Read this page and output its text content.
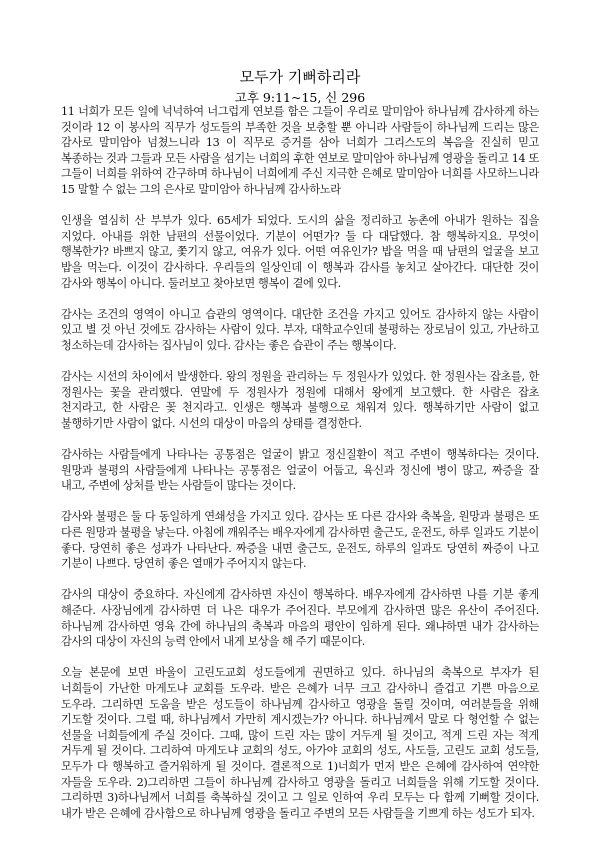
모두가 기뻐하리라
고후 9:11~15, 신 296

11 너희가 모든 일에 넉넉하여 너그럽게 연보를 함은 그들이 우리로 말미암아 하나님께 감사하게 하는 것이라 12 이 봉사의 직무가 성도들의 부족한 것을 보충할 뿐 아니라 사람들이 하나님께 드리는 많은 감사로 말미암아 넘쳤느니라 13 이 직무로 증거를 삼아 너희가 그리스도의 복음을 진실히 믿고 복종하는 것과 그들과 모든 사람을 섬기는 너희의 후한 연보로 말미암아 하나님께 영광을 돌리고 14 또 그들이 너희를 위하여 간구하며 하나님이 너희에게 주신 지극한 은혜로 말미암아 너희를 사모하느니라 15 말할 수 없는 그의 은사로 말미암아 하나님께 감사하노라

인생을 열심히 산 부부가 있다. 65세가 되었다. 도시의 삶을 정리하고 농촌에 아내가 원하는 집을 지었다. 아내를 위한 남편의 선물이었다. 기분이 어떤가? 둘 다 대답했다. 참 행복하지요. 무엇이 행복한가? 바쁘지 않고, 쫓기지 않고, 여유가 있다. 어떤 여유인가? 밥을 먹을 때 남편의 얼굴을 보고 밥을 먹는다. 이것이 감사하다. 우리들의 일상인데 이 행복과 감사를 놓치고 살아간다. 대단한 것이 감사와 행복이 아니다. 둘러보고 찾아보면 행복이 곁에 있다.

감사는 조건의 영역이 아니고 습관의 영역이다. 대단한 조건을 가지고 있어도 감사하지 않는 사람이 있고 별 것 아닌 것에도 감사하는 사람이 있다. 부자, 대학교수인데 불평하는 장로님이 있고, 가난하고 청소하는데 감사하는 집사님이 있다. 감사는 좋은 습관이 주는 행복이다.

감사는 시선의 차이에서 발생한다. 왕의 정원을 관리하는 두 정원사가 있었다. 한 정원사는 잡초를, 한 정원사는 꽃을 관리했다. 연말에 두 정원사가 정원에 대해서 왕에게 보고했다. 한 사람은 잡초 천지라고, 한 사람은 꽃 천지라고. 인생은 행복과 불행으로 채워져 있다. 행복하기만 사람이 없고 불행하기만 사람이 없다. 시선의 대상이 마음의 상태를 결정한다.

감사하는 사람들에게 나타나는 공통점은 얼굴이 밝고 정신질환이 적고 주변이 행복하다는 것이다. 원망과 불평의 사람들에게 나타나는 공통점은 얼굴이 어둡고, 육신과 정신에 병이 많고, 짜증을 잘 내고, 주변에 상처를 받는 사람들이 많다는 것이다.

감사와 불평은 둘 다 동일하게 연쇄성을 가지고 있다. 감사는 또 다른 감사와 축복을, 원망과 불평은 또 다른 원망과 불평을 낳는다. 아침에 깨워주는 배우자에게 감사하면 출근도, 운전도, 하루 일과도 기분이 좋다. 당연히 좋은 성과가 나타난다. 짜증을 내면 출근도, 운전도, 하루의 일과도 당연히 짜증이 나고 기분이 나쁘다. 당연히 좋은 열매가 주어지지 않는다.

감사의 대상이 중요하다. 자신에게 감사하면 자신이 행복하다. 배우자에게 감사하면 나를 기분 좋게 해준다. 사장님에게 감사하면 더 나은 대우가 주어진다. 부모에게 감사하면 많은 유산이 주어진다. 하나님께 감사하면 영육 간에 하나님의 축복과 마음의 평안이 임하게 된다. 왜냐하면 내가 감사하는 감사의 대상이 자신의 능력 안에서 내게 보상을 해 주기 때문이다.

오늘 본문에 보면 바울이 고린도교회 성도들에게 권면하고 있다. 하나님의 축복으로 부자가 된 너희들이 가난한 마게도냐 교회를 도우라. 받은 은혜가 너무 크고 감사하니 즐겁고 기쁜 마음으로 도우라. 그리하면 도움을 받은 성도들이 하나님께 감사하고 영광을 돌릴 것이며, 여러분들을 위해 기도할 것이다. 그럴 때, 하나님께서 가만히 계시겠는가? 아니다. 하나님께서 말로 다 형언할 수 없는 선물을 너희들에게 주실 것이다. 그때, 많이 드린 자는 많이 거두게 될 것이고, 적게 드린 자는 적게 거두게 될 것이다. 그리하여 마게도냐 교회의 성도, 아가야 교회의 성도, 사도들, 고린도 교회 성도들, 모두가 다 행복하고 즐거워하게 될 것이다. 결론적으로 1)너희가 먼저 받은 은혜에 감사하여 연약한 자들을 도우라. 2)그리하면 그들이 하나님께 감사하고 영광을 돌리고 너희들을 위해 기도할 것이다. 그리하면 3)하나님께서 너희를 축복하실 것이고 그 일로 인하여 우리 모두는 다 함께 기뻐할 것이다. 내가 받은 은혜에 감사함으로 하나님께 영광을 돌리고 주변의 모든 사람들을 기쁘게 하는 성도가 되자.
